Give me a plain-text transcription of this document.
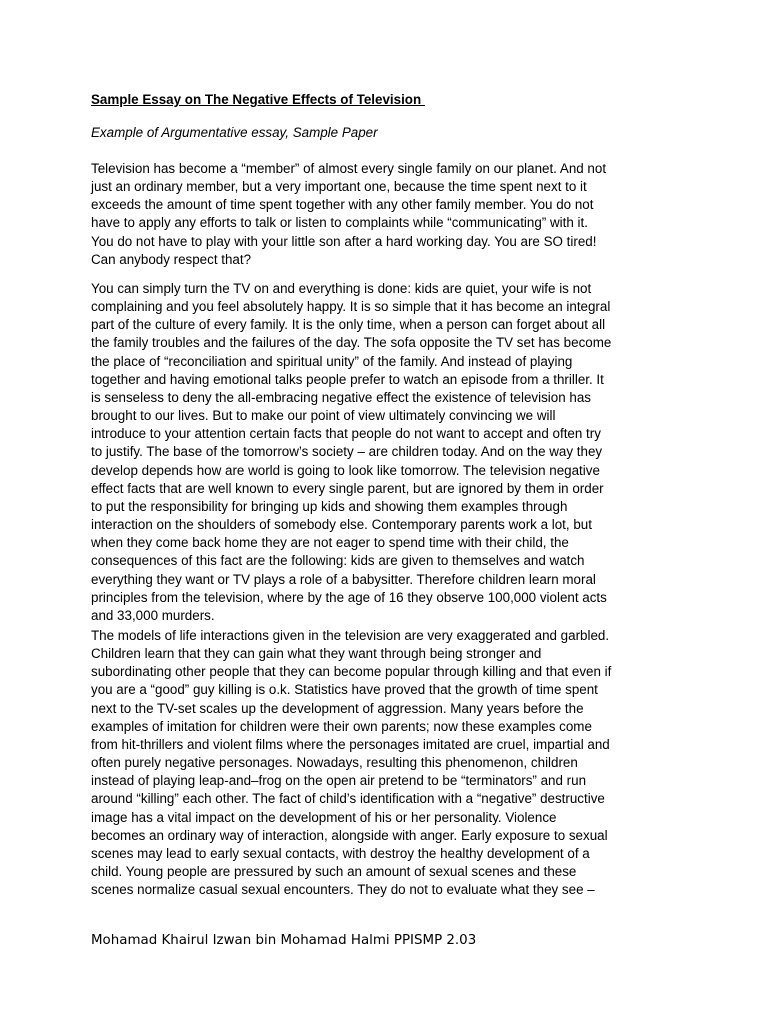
Sample Essay on The Negative Effects of Television
Example of Argumentative essay, Sample Paper
Television has become a “member” of almost every single family on our planet. And not
just an ordinary member, but a very important one, because the time spent next to it
exceeds the amount of time spent together with any other family member. You do not
have to apply any efforts to talk or listen to complaints while “communicating” with it.
You do not have to play with your little son after a hard working day. You are SO tired!
Can anybody respect that?
You can simply turn the TV on and everything is done: kids are quiet, your wife is not
complaining and you feel absolutely happy. It is so simple that it has become an integral
part of the culture of every family. It is the only time, when a person can forget about all
the family troubles and the failures of the day. The sofa opposite the TV set has become
the place of “reconciliation and spiritual unity” of the family. And instead of playing
together and having emotional talks people prefer to watch an episode from a thriller. It
is senseless to deny the all-embracing negative effect the existence of television has
brought to our lives. But to make our point of view ultimately convincing we will
introduce to your attention certain facts that people do not want to accept and often try
to justify. The base of the tomorrow’s society – are children today. And on the way they
develop depends how are world is going to look like tomorrow. The television negative
effect facts that are well known to every single parent, but are ignored by them in order
to put the responsibility for bringing up kids and showing them examples through
interaction on the shoulders of somebody else. Contemporary parents work a lot, but
when they come back home they are not eager to spend time with their child, the
consequences of this fact are the following: kids are given to themselves and watch
everything they want or TV plays a role of a babysitter. Therefore children learn moral
principles from the television, where by the age of 16 they observe 100,000 violent acts
and 33,000 murders.
The models of life interactions given in the television are very exaggerated and garbled.
Children learn that they can gain what they want through being stronger and
subordinating other people that they can become popular through killing and that even if
you are a “good” guy killing is o.k. Statistics have proved that the growth of time spent
next to the TV-set scales up the development of aggression. Many years before the
examples of imitation for children were their own parents; now these examples come
from hit-thrillers and violent films where the personages imitated are cruel, impartial and
often purely negative personages. Nowadays, resulting this phenomenon, children
instead of playing leap-and–frog on the open air pretend to be “terminators” and run
around “killing” each other. The fact of child’s identification with a “negative” destructive
image has a vital impact on the development of his or her personality. Violence
becomes an ordinary way of interaction, alongside with anger. Early exposure to sexual
scenes may lead to early sexual contacts, with destroy the healthy development of a
child. Young people are pressured by such an amount of sexual scenes and these
scenes normalize casual sexual encounters. They do not to evaluate what they see –
Mohamad Khairul Izwan bin Mohamad Halmi PPISMP 2.03
